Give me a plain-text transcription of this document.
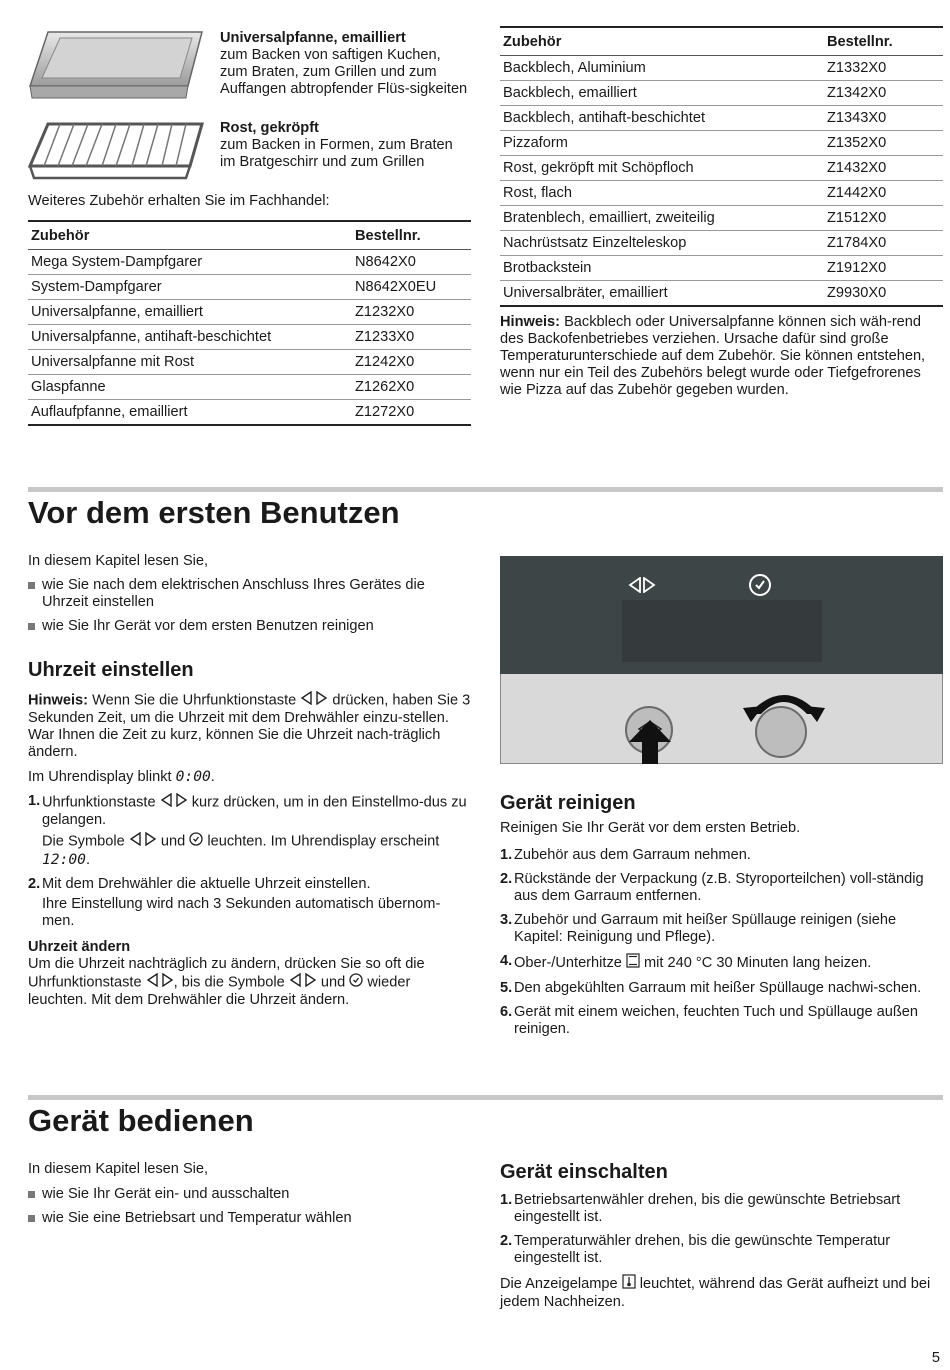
Universalpfanne, emailliert

zum Backen von saftigen Kuchen, zum Braten, zum Grillen und zum Auffangen abtropfender Flüs-sigkeiten

Rost, gekröpft

zum Backen in Formen, zum Braten im Bratgeschirr und zum Grillen

Weiteres Zubehör erhalten Sie im Fachhandel:

Zubehör	Bestellnr.
Mega System-Dampfgarer	N8642X0
System-Dampfgarer	N8642X0EU
Universalpfanne, emailliert	Z1232X0
Universalpfanne, antihaft-beschichtet	Z1233X0
Universalpfanne mit Rost	Z1242X0
Glaspfanne	Z1262X0
Auflaufpfanne, emailliert	Z1272X0
Zubehör	Bestellnr.
Backblech, Aluminium	Z1332X0
Backblech, emailliert	Z1342X0
Backblech, antihaft-beschichtet	Z1343X0
Pizzaform	Z1352X0
Rost, gekröpft mit Schöpfloch	Z1432X0
Rost, flach	Z1442X0
Bratenblech, emailliert, zweiteilig	Z1512X0
Nachrüstsatz Einzelteleskop	Z1784X0
Brotbackstein	Z1912X0
Universalbräter, emailliert	Z9930X0

Hinweis: Backblech oder Universalpfanne können sich wäh-rend des Backofenbetriebes verziehen. Ursache dafür sind große Temperaturunterschiede auf dem Zubehör. Sie können entstehen, wenn nur ein Teil des Zubehörs belegt wurde oder Tiefgefrorenes wie Pizza auf das Zubehör gegeben wurden.

Vor dem ersten Benutzen

In diesem Kapitel lesen Sie,

wie Sie nach dem elektrischen Anschluss Ihres Gerätes die Uhrzeit einstellen
wie Sie Ihr Gerät vor dem ersten Benutzen reinigen
Uhrzeit einstellen

Hinweis: Wenn Sie die Uhrfunktionstaste drücken, haben Sie 3 Sekunden Zeit, um die Uhrzeit mit dem Drehwähler einzu-stellen. War Ihnen die Zeit zu kurz, können Sie die Uhrzeit nach-träglich ändern.

Im Uhrendisplay blinkt 0:00.

1. Uhrfunktionstaste kurz drücken, um in den Einstellmo-dus zu gelangen.

Die Symbole und leuchten. Im Uhrendisplay erscheint 12:00.

2. Mit dem Drehwähler die aktuelle Uhrzeit einstellen.

Ihre Einstellung wird nach 3 Sekunden automatisch übernom-men.

Uhrzeit ändern

Um die Uhrzeit nachträglich zu ändern, drücken Sie so oft die Uhrfunktionstaste , bis die Symbole und wieder leuchten. Mit dem Drehwähler die Uhrzeit ändern.

Gerät reinigen

Reinigen Sie Ihr Gerät vor dem ersten Betrieb.

1. Zubehör aus dem Garraum nehmen.
2. Rückstände der Verpackung (z.B. Styroporteilchen) voll-ständig aus dem Garraum entfernen.
3. Zubehör und Garraum mit heißer Spüllauge reinigen (siehe Kapitel: Reinigung und Pflege).
4. Ober-/Unterhitze mit 240 °C 30 Minuten lang heizen.
5. Den abgekühlten Garraum mit heißer Spüllauge nachwi-schen.
6. Gerät mit einem weichen, feuchten Tuch und Spüllauge außen reinigen.
Gerät bedienen

In diesem Kapitel lesen Sie,

wie Sie Ihr Gerät ein- und ausschalten
wie Sie eine Betriebsart und Temperatur wählen
Gerät einschalten
1. Betriebsartenwähler drehen, bis die gewünschte Betriebsart eingestellt ist.
2. Temperaturwähler drehen, bis die gewünschte Temperatur eingestellt ist.

Die Anzeigelampe leuchtet, während das Gerät aufheizt und bei jedem Nachheizen.

5
